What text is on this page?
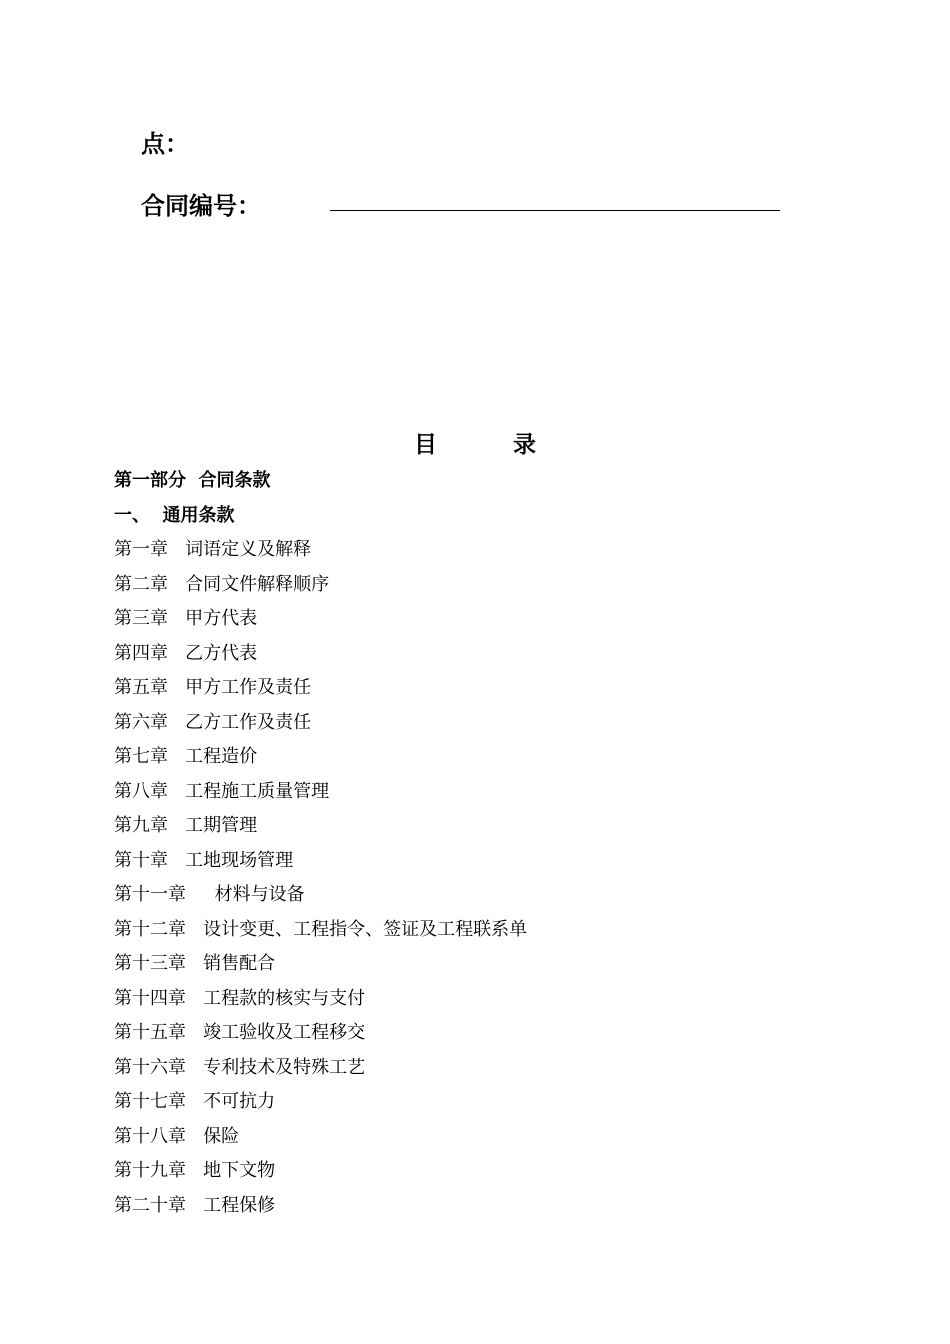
点：
合同编号：
目 录
第一部分  合同条款
一、  通用条款
第一章   词语定义及解释
第二章   合同文件解释顺序
第三章   甲方代表
第四章   乙方代表
第五章   甲方工作及责任
第六章   乙方工作及责任
第七章   工程造价
第八章   工程施工质量管理
第九章   工期管理
第十章   工地现场管理
第十一章     材料与设备
第十二章   设计变更、工程指令、签证及工程联系单
第十三章   销售配合
第十四章   工程款的核实与支付
第十五章   竣工验收及工程移交
第十六章   专利技术及特殊工艺
第十七章   不可抗力
第十八章   保险
第十九章   地下文物
第二十章   工程保修
